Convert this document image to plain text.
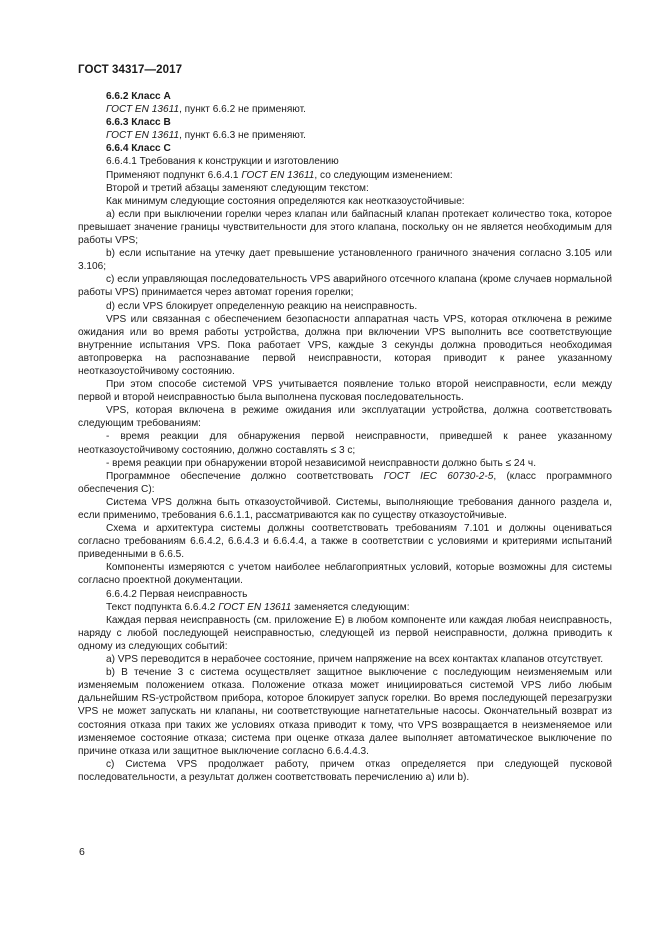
ГОСТ 34317—2017

6.6.2 Класс A

ГОСТ EN 13611, пункт 6.6.2 не применяют.

6.6.3 Класс B

ГОСТ EN 13611, пункт 6.6.3 не применяют.

6.6.4 Класс C

6.6.4.1 Требования к конструкции и изготовлению

Применяют подпункт 6.6.4.1 ГОСТ EN 13611, со следующим изменением:

Второй и третий абзацы заменяют следующим текстом:

Как минимум следующие состояния определяются как неотказоустойчивые:

а) если при выключении горелки через клапан или байпасный клапан протекает количество тока, которое превышает значение границы чувствительности для этого клапана, поскольку он не является необходимым для работы VPS;

b) если испытание на утечку дает превышение установленного граничного значения согласно 3.105 или 3.106;

c) если управляющая последовательность VPS аварийного отсечного клапана (кроме случаев нормальной работы VPS) принимается через автомат горения горелки;

d) если VPS блокирует определенную реакцию на неисправность.

VPS или связанная с обеспечением безопасности аппаратная часть VPS, которая отключена в режиме ожидания или во время работы устройства, должна при включении VPS выполнить все соответствующие внутренние испытания VPS. Пока работает VPS, каждые 3 секунды должна проводиться необходимая автопроверка на распознавание первой неисправности, которая приводит к ранее указанному неотказоустойчивому состоянию.

При этом способе системой VPS учитывается появление только второй неисправности, если между первой и второй неисправностью была выполнена пусковая последовательность.

VPS, которая включена в режиме ожидания или эксплуатации устройства, должна соответствовать следующим требованиям:

- время реакции для обнаружения первой неисправности, приведшей к ранее указанному неотказоустойчивому состоянию, должно составлять ≤ 3 с;

- время реакции при обнаружении второй независимой неисправности должно быть ≤ 24 ч.

Программное обеспечение должно соответствовать ГОСТ IEC 60730-2-5, (класс программного обеспечения C):

Система VPS должна быть отказоустойчивой. Системы, выполняющие требования данного раздела и, если применимо, требования 6.6.1.1, рассматриваются как по существу отказоустойчивые.

Схема и архитектура системы должны соответствовать требованиям 7.101 и должны оцениваться согласно требованиям 6.6.4.2, 6.6.4.3 и 6.6.4.4, а также в соответствии с условиями и критериями испытаний приведенными в 6.6.5.

Компоненты измеряются с учетом наиболее неблагоприятных условий, которые возможны для системы согласно проектной документации.

6.6.4.2 Первая неисправность

Текст подпункта 6.6.4.2 ГОСТ EN 13611 заменяется следующим:

Каждая первая неисправность (см. приложение E) в любом компоненте или каждая любая неисправность, наряду с любой последующей неисправностью, следующей из первой неисправности, должна приводить к одному из следующих событий:

a) VPS переводится в нерабочее состояние, причем напряжение на всех контактах клапанов отсутствует.

b) В течение 3 с система осуществляет защитное выключение с последующим неизменяемым или изменяемым положением отказа. Положение отказа может инициироваться системой VPS либо любым дальнейшим RS-устройством прибора, которое блокирует запуск горелки. Во время последующей перезагрузки VPS не может запускать ни клапаны, ни соответствующие нагнетательные насосы. Окончательный возврат из состояния отказа при таких же условиях отказа приводит к тому, что VPS возвращается в неизменяемое или изменяемое состояние отказа; система при оценке отказа далее выполняет автоматическое выключение по причине отказа или защитное выключение согласно 6.6.4.4.3.

c) Система VPS продолжает работу, причем отказ определяется при следующей пусковой последовательности, а результат должен соответствовать перечислению а) или b).

6
